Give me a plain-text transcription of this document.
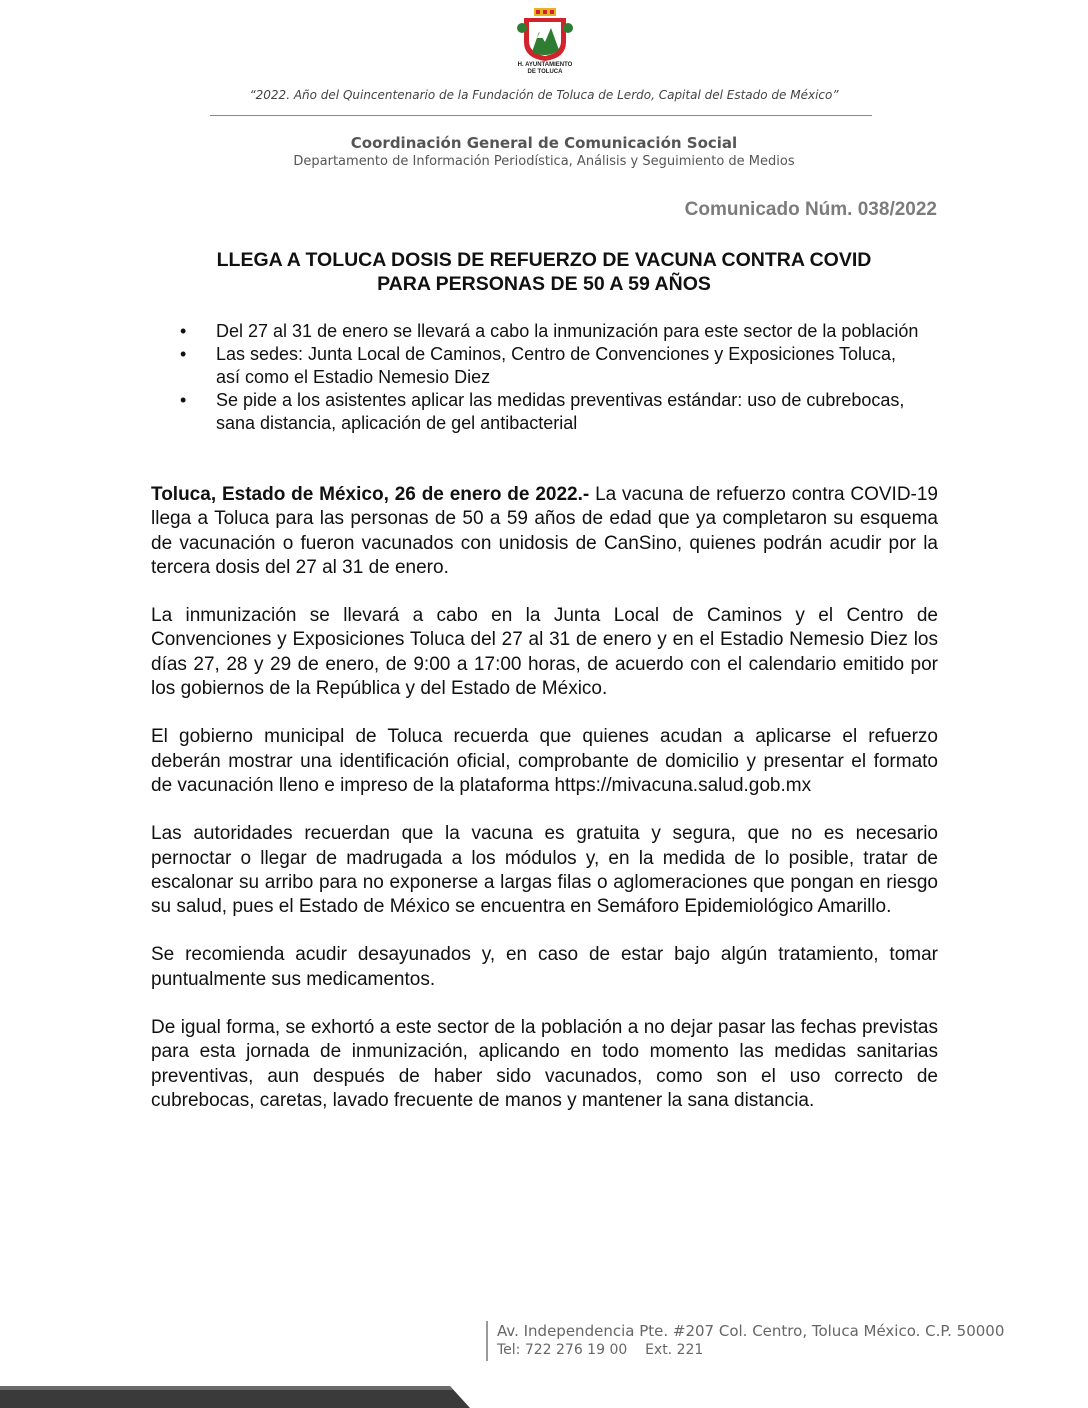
H. AYUNTAMIENTO
DE TOLUCA
“2022. Año del Quincentenario de la Fundación de Toluca de Lerdo, Capital del Estado de México”
Coordinación General de Comunicación Social
Departamento de Información Periodística, Análisis y Seguimiento de Medios
Comunicado Núm. 038/2022
LLEGA A TOLUCA DOSIS DE REFUERZO DE VACUNA CONTRA COVID
PARA PERSONAS DE 50 A 59 AÑOS
• Del 27 al 31 de enero se llevará a cabo la inmunización para este sector de la población
• Las sedes: Junta Local de Caminos, Centro de Convenciones y Exposiciones Toluca, así como el Estadio Nemesio Diez
• Se pide a los asistentes aplicar las medidas preventivas estándar: uso de cubrebocas, sana distancia, aplicación de gel antibacterial

Toluca, Estado de México, 26 de enero de 2022.- La vacuna de refuerzo contra COVID-19 llega a Toluca para las personas de 50 a 59 años de edad que ya completaron su esquema de vacunación o fueron vacunados con unidosis de CanSino, quienes podrán acudir por la tercera dosis del 27 al 31 de enero.

La inmunización se llevará a cabo en la Junta Local de Caminos y el Centro de Convenciones y Exposiciones Toluca del 27 al 31 de enero y en el Estadio Nemesio Diez los días 27, 28 y 29 de enero, de 9:00 a 17:00 horas, de acuerdo con el calendario emitido por los gobiernos de la República y del Estado de México.

El gobierno municipal de Toluca recuerda que quienes acudan a aplicarse el refuerzo deberán mostrar una identificación oficial, comprobante de domicilio y presentar el formato de vacunación lleno e impreso de la plataforma https://mivacuna.salud.gob.mx

Las autoridades recuerdan que la vacuna es gratuita y segura, que no es necesario pernoctar o llegar de madrugada a los módulos y, en la medida de lo posible, tratar de escalonar su arribo para no exponerse a largas filas o aglomeraciones que pongan en riesgo su salud, pues el Estado de México se encuentra en Semáforo Epidemiológico Amarillo.

Se recomienda acudir desayunados y, en caso de estar bajo algún tratamiento, tomar puntualmente sus medicamentos.

De igual forma, se exhortó a este sector de la población a no dejar pasar las fechas previstas para esta jornada de inmunización, aplicando en todo momento las medidas sanitarias preventivas, aun después de haber sido vacunados, como son el uso correcto de cubrebocas, caretas, lavado frecuente de manos y mantener la sana distancia.

Av. Independencia Pte. #207 Col. Centro, Toluca México. C.P. 50000
Tel: 722 276 19 00    Ext. 221
